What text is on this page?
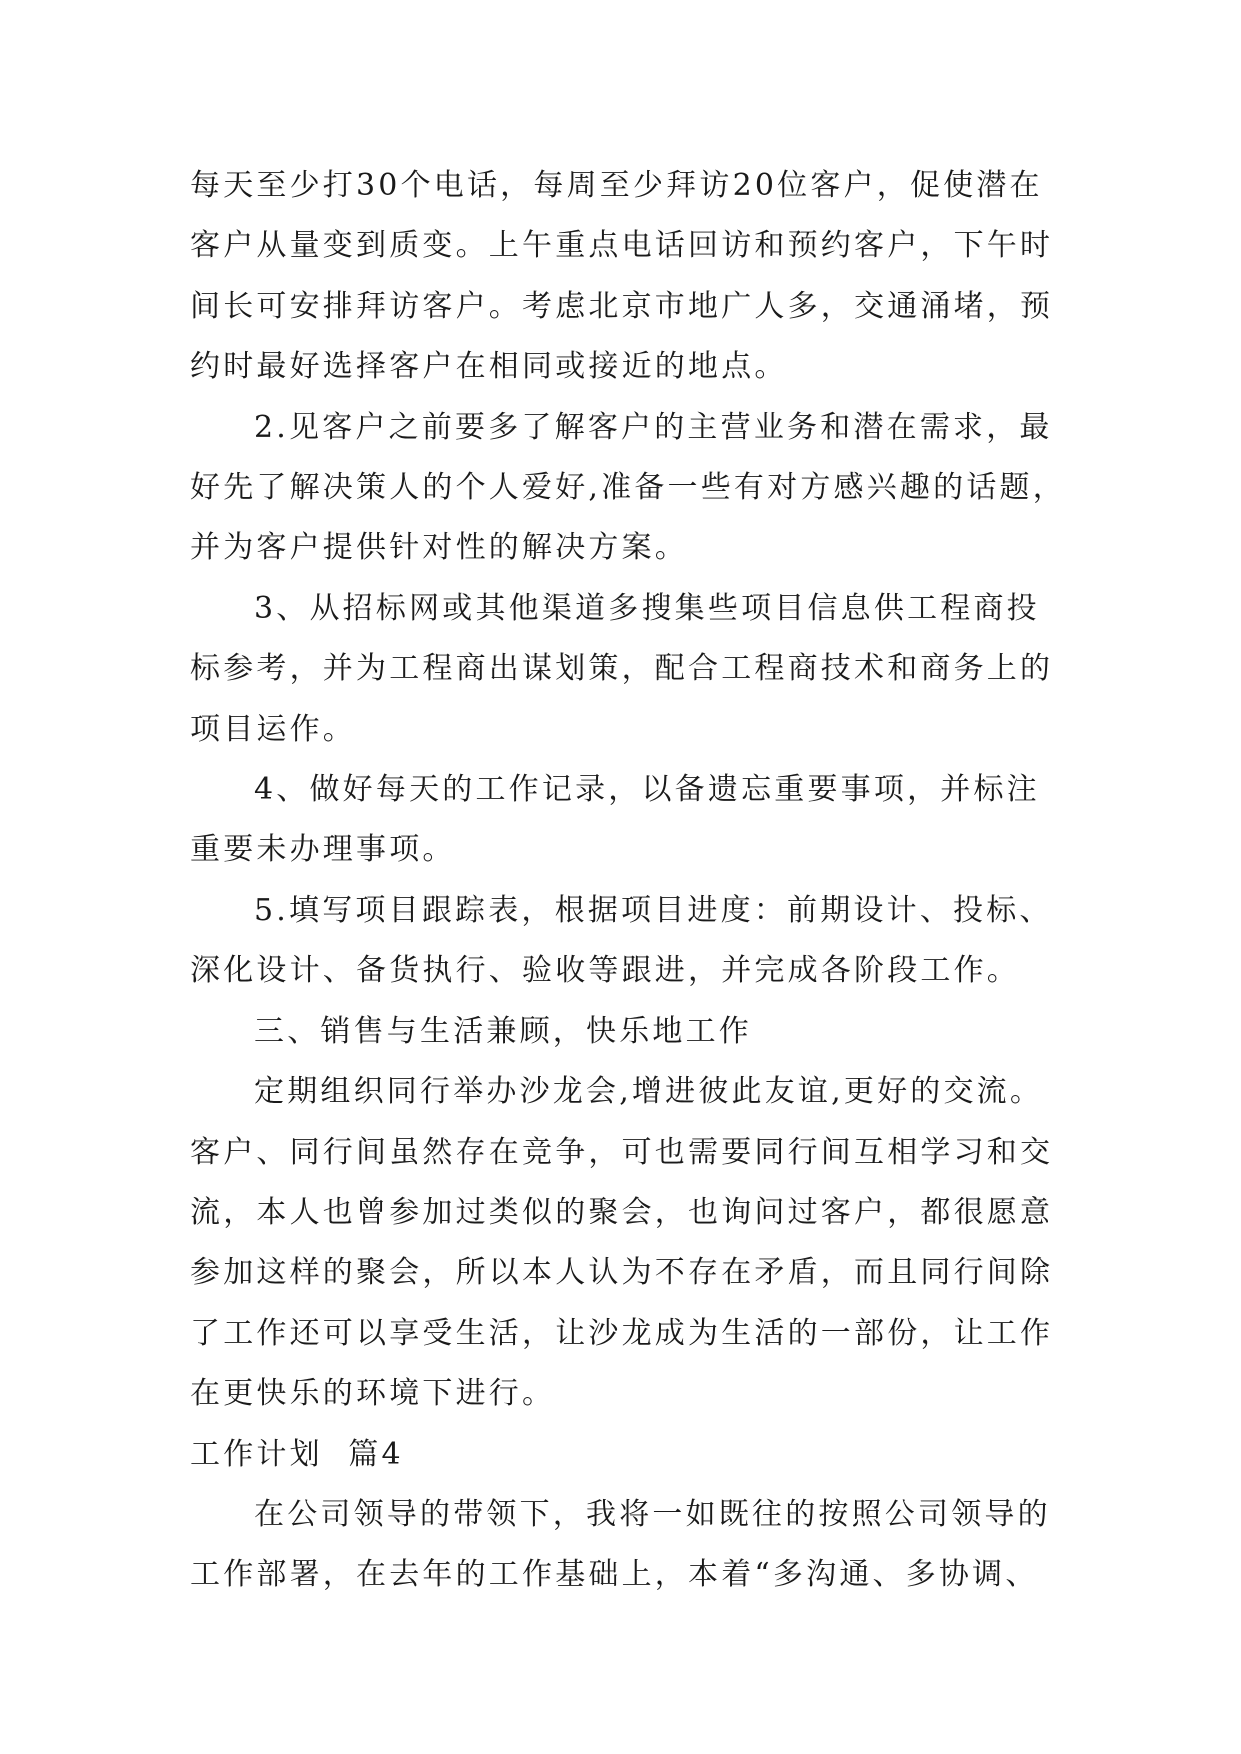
每天至少打30个电话，每周至少拜访20位客户，促使潜在
客户从量变到质变。上午重点电话回访和预约客户，下午时
间长可安排拜访客户。考虑北京市地广人多，交通涌堵，预
约时最好选择客户在相同或接近的地点。

2.见客户之前要多了解客户的主营业务和潜在需求，最
好先了解决策人的个人爱好,准备一些有对方感兴趣的话题，
并为客户提供针对性的解决方案。

3、从招标网或其他渠道多搜集些项目信息供工程商投
标参考，并为工程商出谋划策，配合工程商技术和商务上的
项目运作。

4、做好每天的工作记录，以备遗忘重要事项，并标注
重要未办理事项。

5.填写项目跟踪表，根据项目进度：前期设计、投标、
深化设计、备货执行、验收等跟进，并完成各阶段工作。

三、销售与生活兼顾，快乐地工作

定期组织同行举办沙龙会,增进彼此友谊,更好的交流。
客户、同行间虽然存在竞争，可也需要同行间互相学习和交
流，本人也曾参加过类似的聚会，也询问过客户，都很愿意
参加这样的聚会，所以本人认为不存在矛盾，而且同行间除
了工作还可以享受生活，让沙龙成为生活的一部份，让工作
在更快乐的环境下进行。

工作计划  篇4

在公司领导的带领下，我将一如既往的按照公司领导的
工作部署，在去年的工作基础上，本着“多沟通、多协调、
